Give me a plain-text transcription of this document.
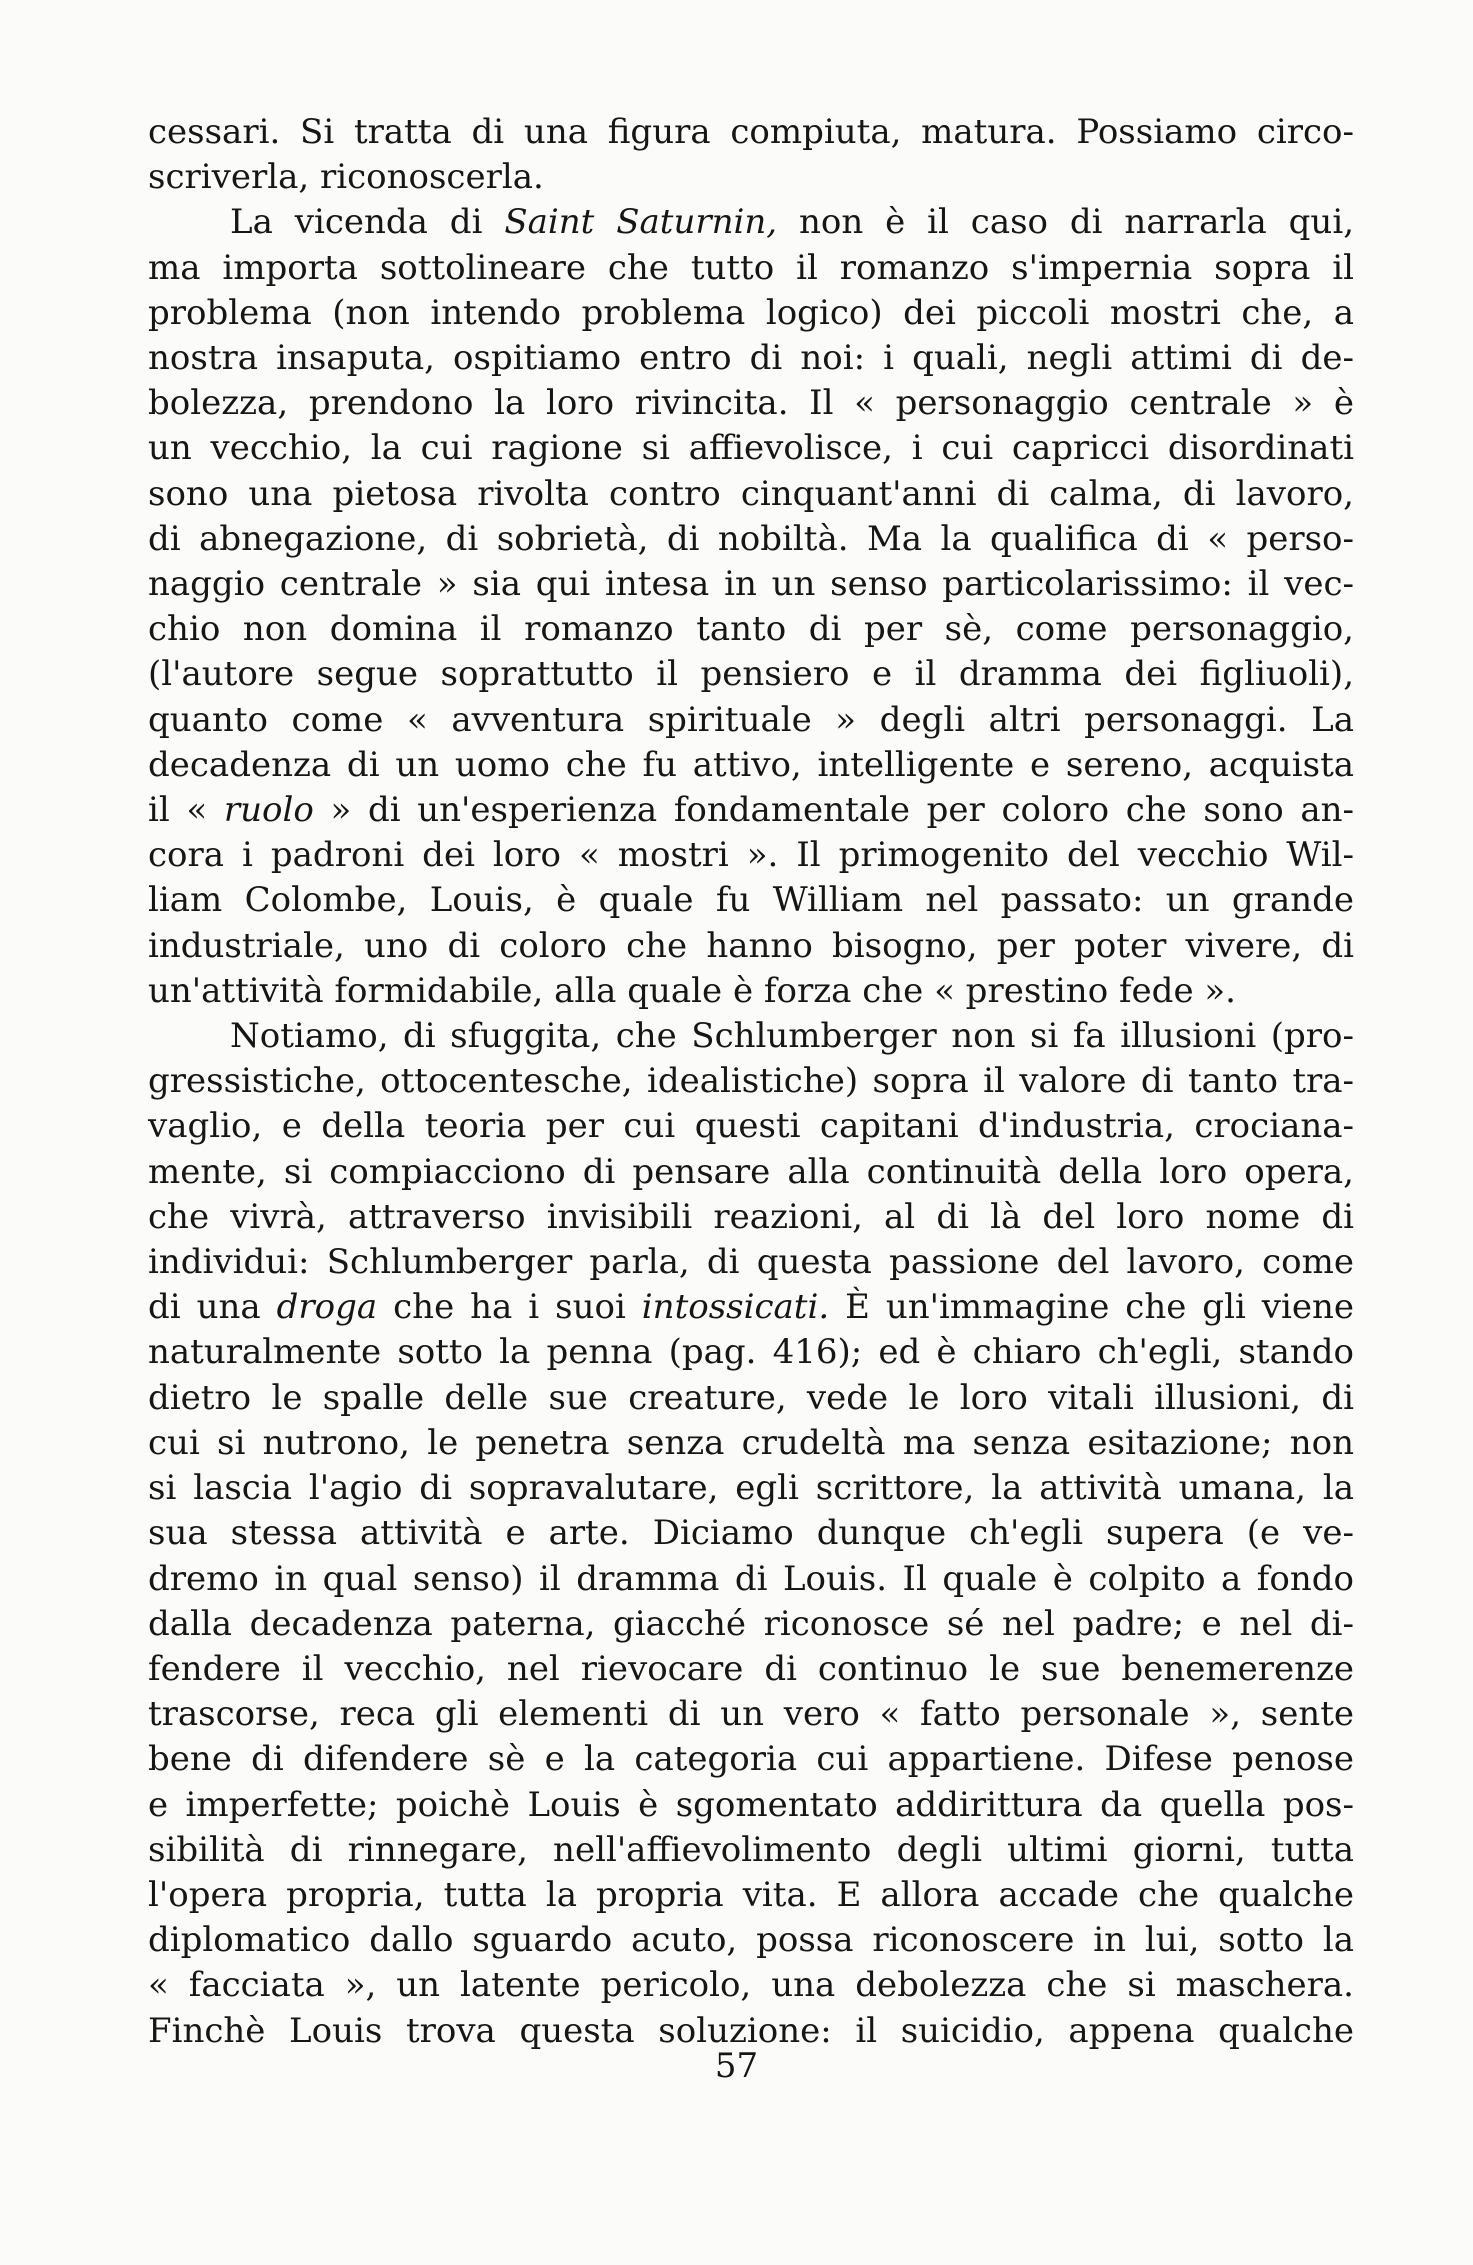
cessari. Si tratta di una figura compiuta, matura. Possiamo circo-
scriverla, riconoscerla.

La vicenda di Saint Saturnin, non è il caso di narrarla qui,
ma importa sottolineare che tutto il romanzo s'impernia sopra il
problema (non intendo problema logico) dei piccoli mostri che, a
nostra insaputa, ospitiamo entro di noi: i quali, negli attimi di de-
bolezza, prendono la loro rivincita. Il « personaggio centrale » è
un vecchio, la cui ragione si affievolisce, i cui capricci disordinati
sono una pietosa rivolta contro cinquant'anni di calma, di lavoro,
di abnegazione, di sobrietà, di nobiltà. Ma la qualifica di « perso-
naggio centrale » sia qui intesa in un senso particolarissimo: il vec-
chio non domina il romanzo tanto di per sè, come personaggio,
(l'autore segue soprattutto il pensiero e il dramma dei figliuoli),
quanto come « avventura spirituale » degli altri personaggi. La
decadenza di un uomo che fu attivo, intelligente e sereno, acquista
il « ruolo » di un'esperienza fondamentale per coloro che sono an-
cora i padroni dei loro « mostri ». Il primogenito del vecchio Wil-
liam Colombe, Louis, è quale fu William nel passato: un grande
industriale, uno di coloro che hanno bisogno, per poter vivere, di
un'attività formidabile, alla quale è forza che « prestino fede ».

Notiamo, di sfuggita, che Schlumberger non si fa illusioni (pro-
gressistiche, ottocentesche, idealistiche) sopra il valore di tanto tra-
vaglio, e della teoria per cui questi capitani d'industria, crociana-
mente, si compiacciono di pensare alla continuità della loro opera,
che vivrà, attraverso invisibili reazioni, al di là del loro nome di
individui: Schlumberger parla, di questa passione del lavoro, come
di una droga che ha i suoi intossicati. È un'immagine che gli viene
naturalmente sotto la penna (pag. 416); ed è chiaro ch'egli, stando
dietro le spalle delle sue creature, vede le loro vitali illusioni, di
cui si nutrono, le penetra senza crudeltà ma senza esitazione; non
si lascia l'agio di sopravalutare, egli scrittore, la attività umana, la
sua stessa attività e arte. Diciamo dunque ch'egli supera (e ve-
dremo in qual senso) il dramma di Louis. Il quale è colpito a fondo
dalla decadenza paterna, giacché riconosce sé nel padre; e nel di-
fendere il vecchio, nel rievocare di continuo le sue benemerenze
trascorse, reca gli elementi di un vero « fatto personale », sente
bene di difendere sè e la categoria cui appartiene. Difese penose
e imperfette; poichè Louis è sgomentato addirittura da quella pos-
sibilità di rinnegare, nell'affievolimento degli ultimi giorni, tutta
l'opera propria, tutta la propria vita. E allora accade che qualche
diplomatico dallo sguardo acuto, possa riconoscere in lui, sotto la
« facciata », un latente pericolo, una debolezza che si maschera.
Finchè Louis trova questa soluzione: il suicidio, appena qualche

57
